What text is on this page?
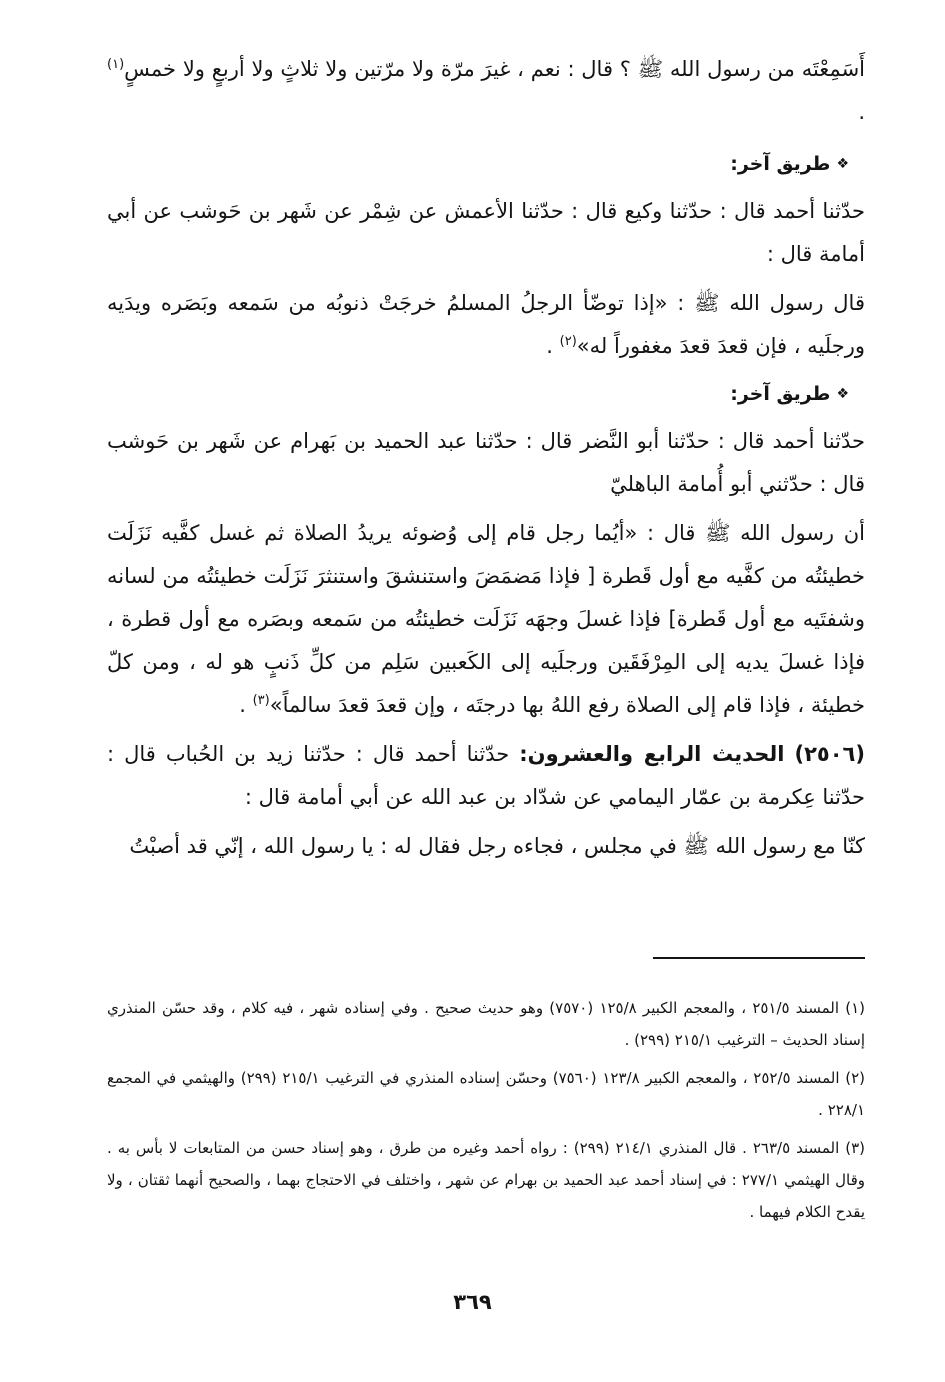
أَسَمِعْتَه من رسول الله ﷺ ؟ قال : نعم ، غيرَ مرّة ولا مرّتين ولا ثلاثٍ ولا أربعٍ ولا خمسٍ$^{(١)}$ .

❖طريق آخر:

حدّثنا أحمد قال : حدّثنا وكيع قال : حدّثنا الأعمش عن شِمْر عن شَهر بن حَوشب عن أبي أمامة قال :

قال رسول الله ﷺ : «إذا توضّأ الرجلُ المسلمُ خرجَتْ ذنوبُه من سَمعه وبَصَره ويدَيه ورجلَيه ، فإن قعدَ قعدَ مغفوراً له»$^{(٢)}$ .

❖طريق آخر:

حدّثنا أحمد قال : حدّثنا أبو النَّضر قال : حدّثنا عبد الحميد بن بَهرام عن شَهر بن حَوشب قال : حدّثني أبو أُمامة الباهليّ

أن رسول الله ﷺ قال : «أيُما رجل قام إلى وُضوئه يريدُ الصلاة ثم غسل كفَّيه نَزَلَت خطيئتُه من كفَّيه مع أول قَطرة [ فإذا مَضمَضَ واستنشقَ واستنثرَ نَزَلَت خطيئتُه من لسانه وشفتَيه مع أول قَطرة] فإذا غسلَ وجهَه نَزَلَت خطيئتُه من سَمعه وبصَره مع أول قطرة ، فإذا غسلَ يديه إلى المِرْفَقَين ورجلَيه إلى الكَعبين سَلِم من كلِّ ذَنبٍ هو له ، ومن كلّ خطيئة ، فإذا قام إلى الصلاة رفع اللهُ بها درجتَه ، وإن قعدَ قعدَ سالماً»$^{(٣)}$ .

(٢٥٠٦) الحديث الرابع والعشرون: حدّثنا أحمد قال : حدّثنا زيد بن الحُباب قال : حدّثنا عِكرمة بن عمّار اليمامي عن شدّاد بن عبد الله عن أبي أمامة قال :

كنّا مع رسول الله ﷺ في مجلس ، فجاءه رجل فقال له : يا رسول الله ، إنّي قد أصبْتُ

(١) المسند ٢٥١/٥ ، والمعجم الكبير ١٢٥/٨ (٧٥٧٠) وهو حديث صحيح . وفي إسناده شهر ، فيه كلام ، وقد حسّن المنذري إسناد الحديث – الترغيب ٢١٥/١ (٢٩٩) .

(٢) المسند ٢٥٢/٥ ، والمعجم الكبير ١٢٣/٨ (٧٥٦٠) وحسّن إسناده المنذري في الترغيب ٢١٥/١ (٢٩٩) والهيثمي في المجمع ٢٢٨/١ .

(٣) المسند ٢٦٣/٥ . قال المنذري ٢١٤/١ (٢٩٩) : رواه أحمد وغيره من طرق ، وهو إسناد حسن من المتابعات لا بأس به . وقال الهيثمي ٢٧٧/١ : في إسناد أحمد عبد الحميد بن بهرام عن شهر ، واختلف في الاحتجاج بهما ، والصحيح أنهما ثقتان ، ولا يقدح الكلام فيهما .

٣٦٩
